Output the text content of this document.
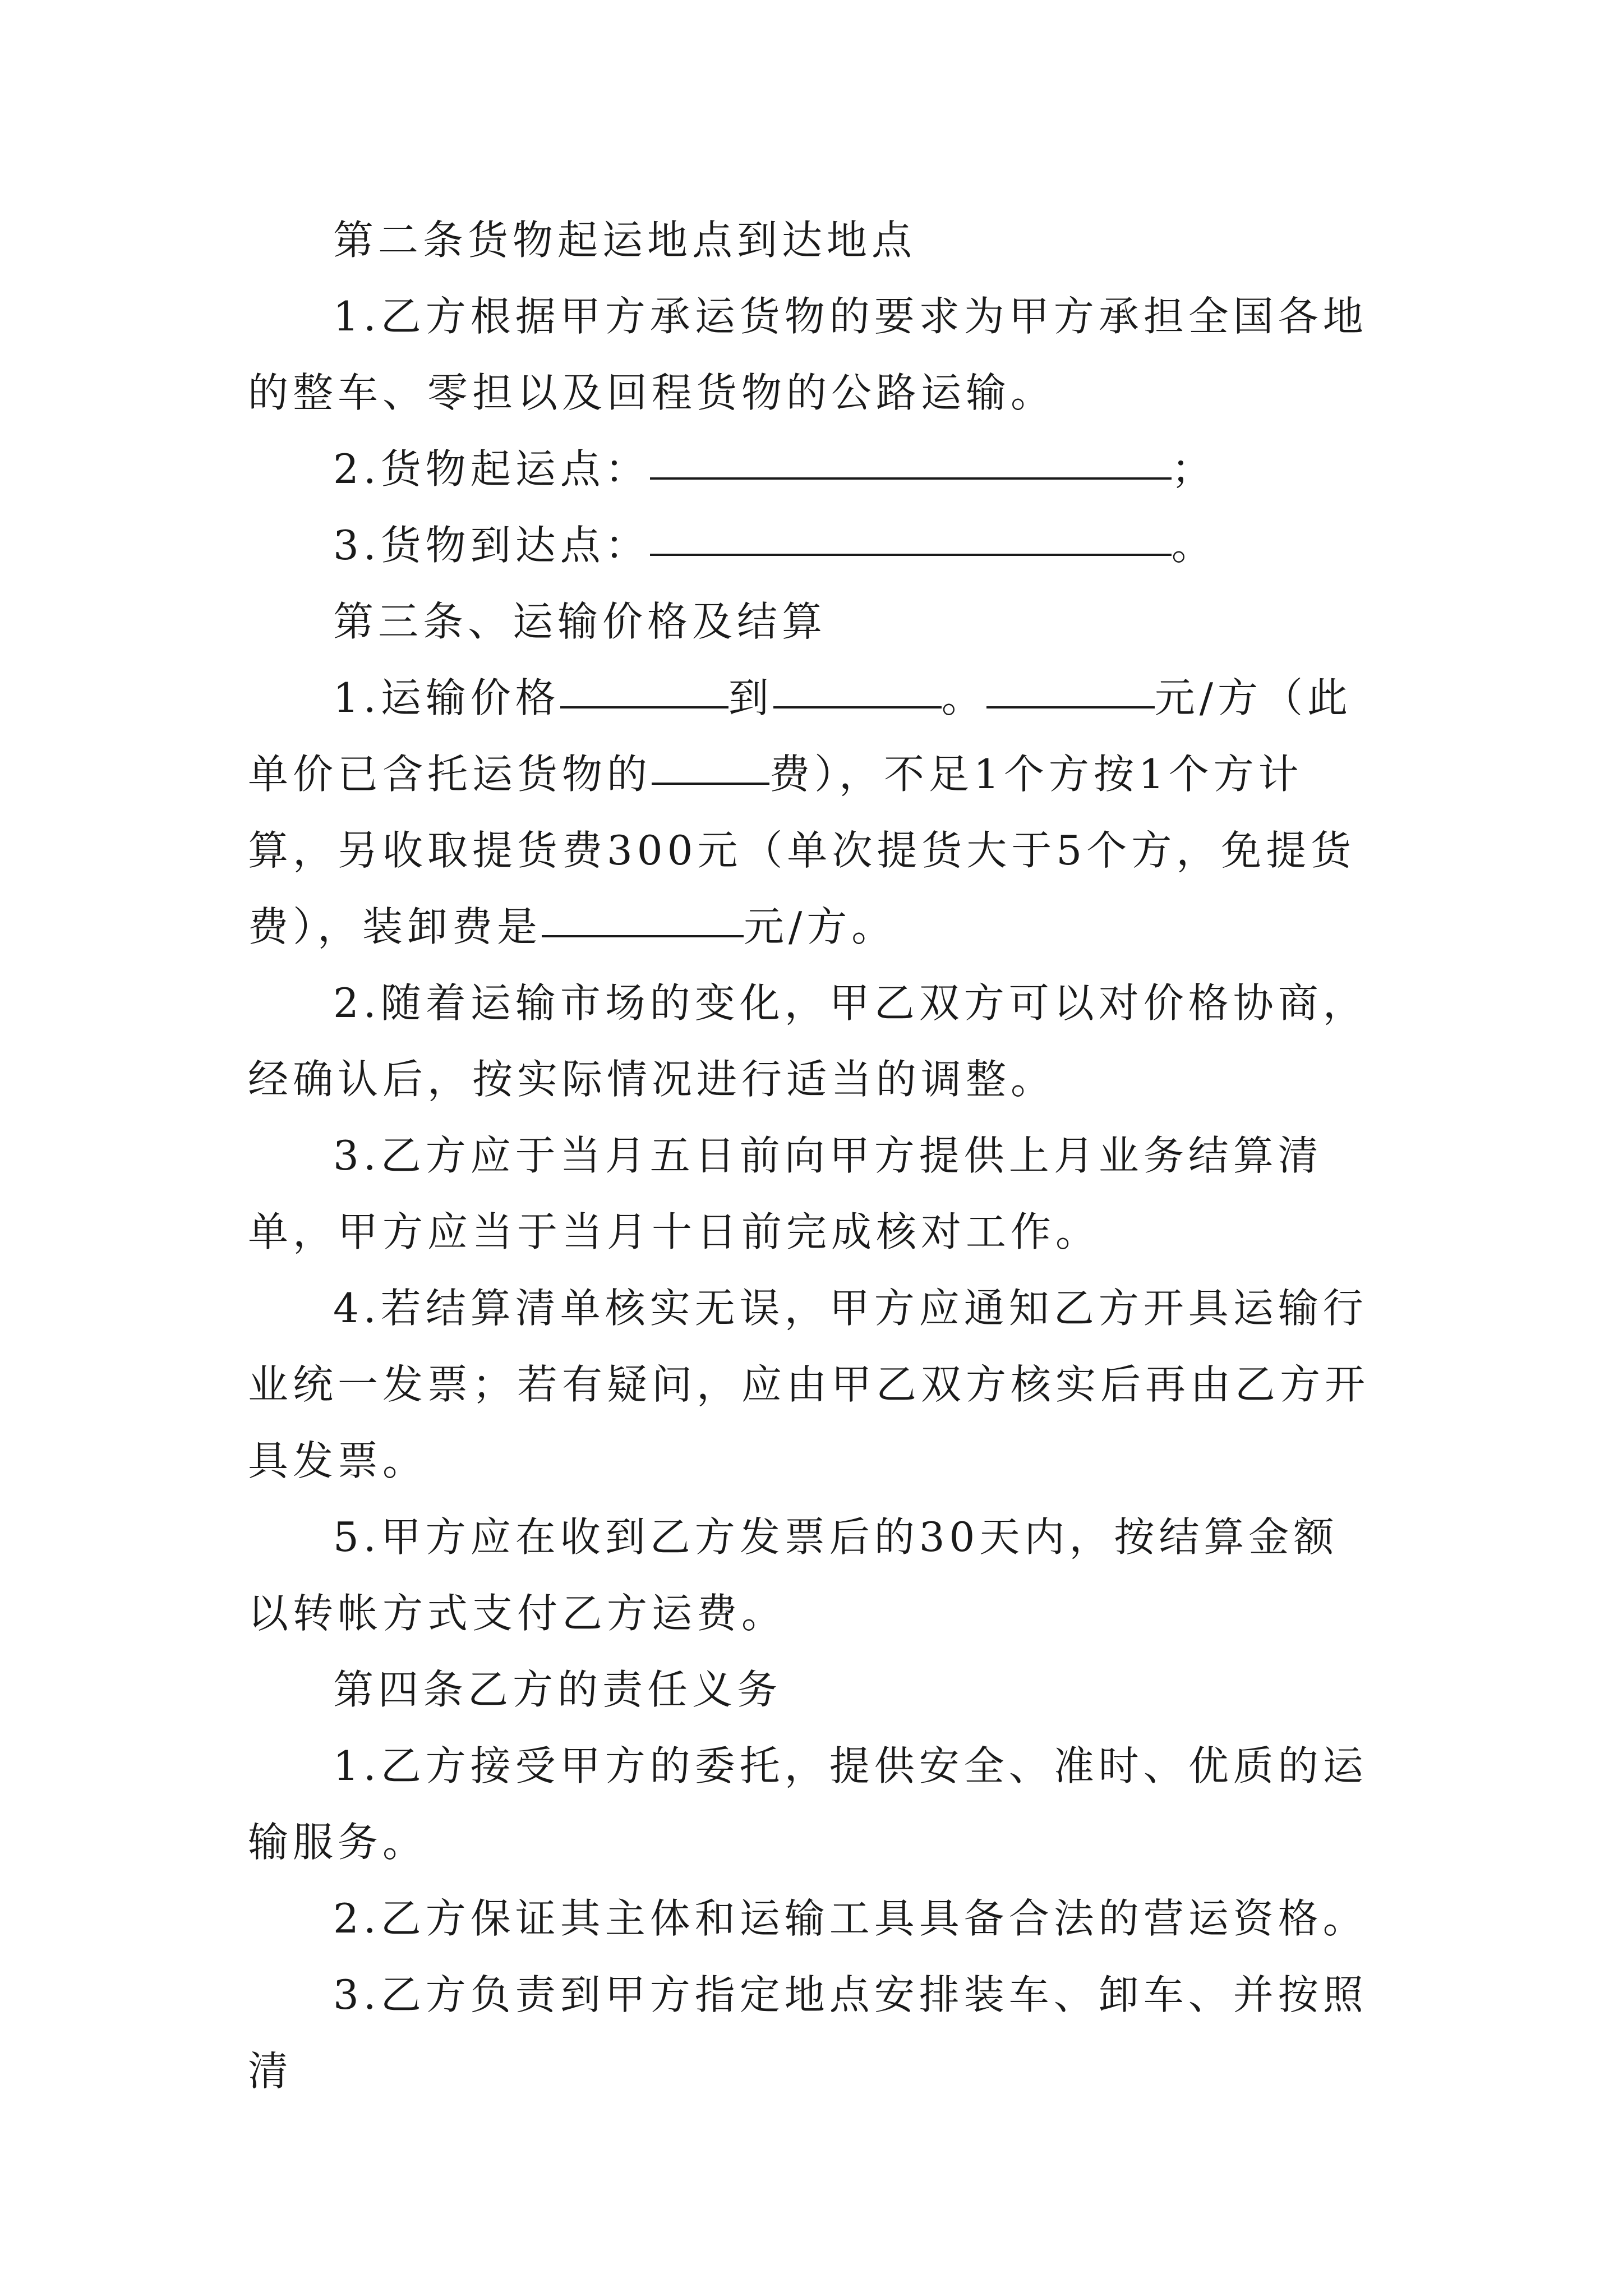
第二条货物起运地点到达地点

1.乙方根据甲方承运货物的要求为甲方承担全国各地的整车、零担以及回程货物的公路运输。

2.货物起运点：	；

3.货物到达点：	。

第三条、运输价格及结算

1.运输价格	到	。	元/方（此单价已含托运货物的	费），不足1个方按1个方计算，另收取提货费300元（单次提货大于5个方，免提货费），装卸费是	元/方。

2.随着运输市场的变化，甲乙双方可以对价格协商，经确认后，按实际情况进行适当的调整。

3.乙方应于当月五日前向甲方提供上月业务结算清单，甲方应当于当月十日前完成核对工作。

4.若结算清单核实无误，甲方应通知乙方开具运输行业统一发票；若有疑问，应由甲乙双方核实后再由乙方开具发票。

5.甲方应在收到乙方发票后的30天内，按结算金额以转帐方式支付乙方运费。

第四条乙方的责任义务

1.乙方接受甲方的委托，提供安全、准时、优质的运输服务。

2.乙方保证其主体和运输工具具备合法的营运资格。

3.乙方负责到甲方指定地点安排装车、卸车、并按照清
